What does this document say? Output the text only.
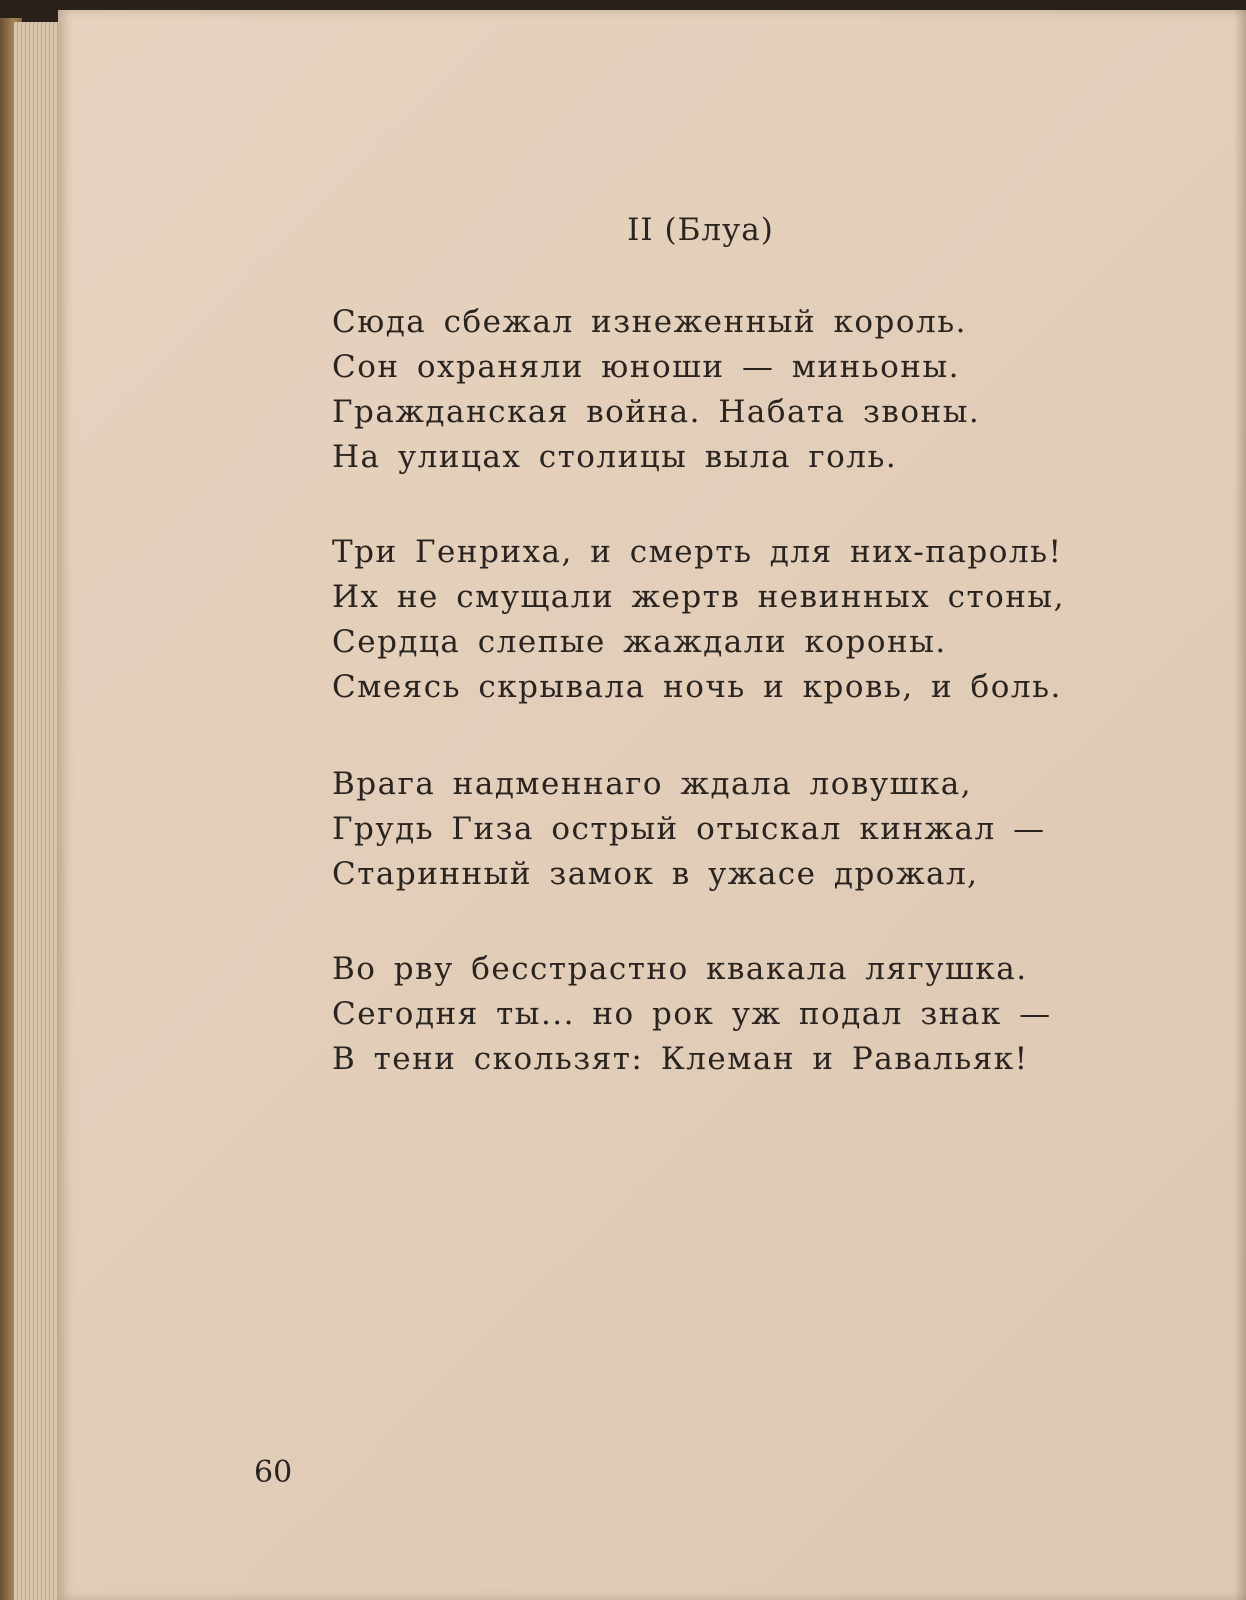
II (Блуа)
Сюда сбежал изнеженный король.
Сон охраняли юноши — миньоны.
Гражданская война. Набата звоны.
На улицах столицы выла голь.
Три Генриха, и смерть для них-пароль!
Их не смущали жертв невинных стоны,
Сердца слепые жаждали короны.
Смеясь скрывала ночь и кровь, и боль.
Врага надменнаго ждала ловушка,
Грудь Гиза острый отыскал кинжал —
Старинный замок в ужасе дрожал,
Во рву бесстрастно квакала лягушка.
Сегодня ты... но рок уж подал знак —
В тени скользят: Клеман и Равальяк!
60
